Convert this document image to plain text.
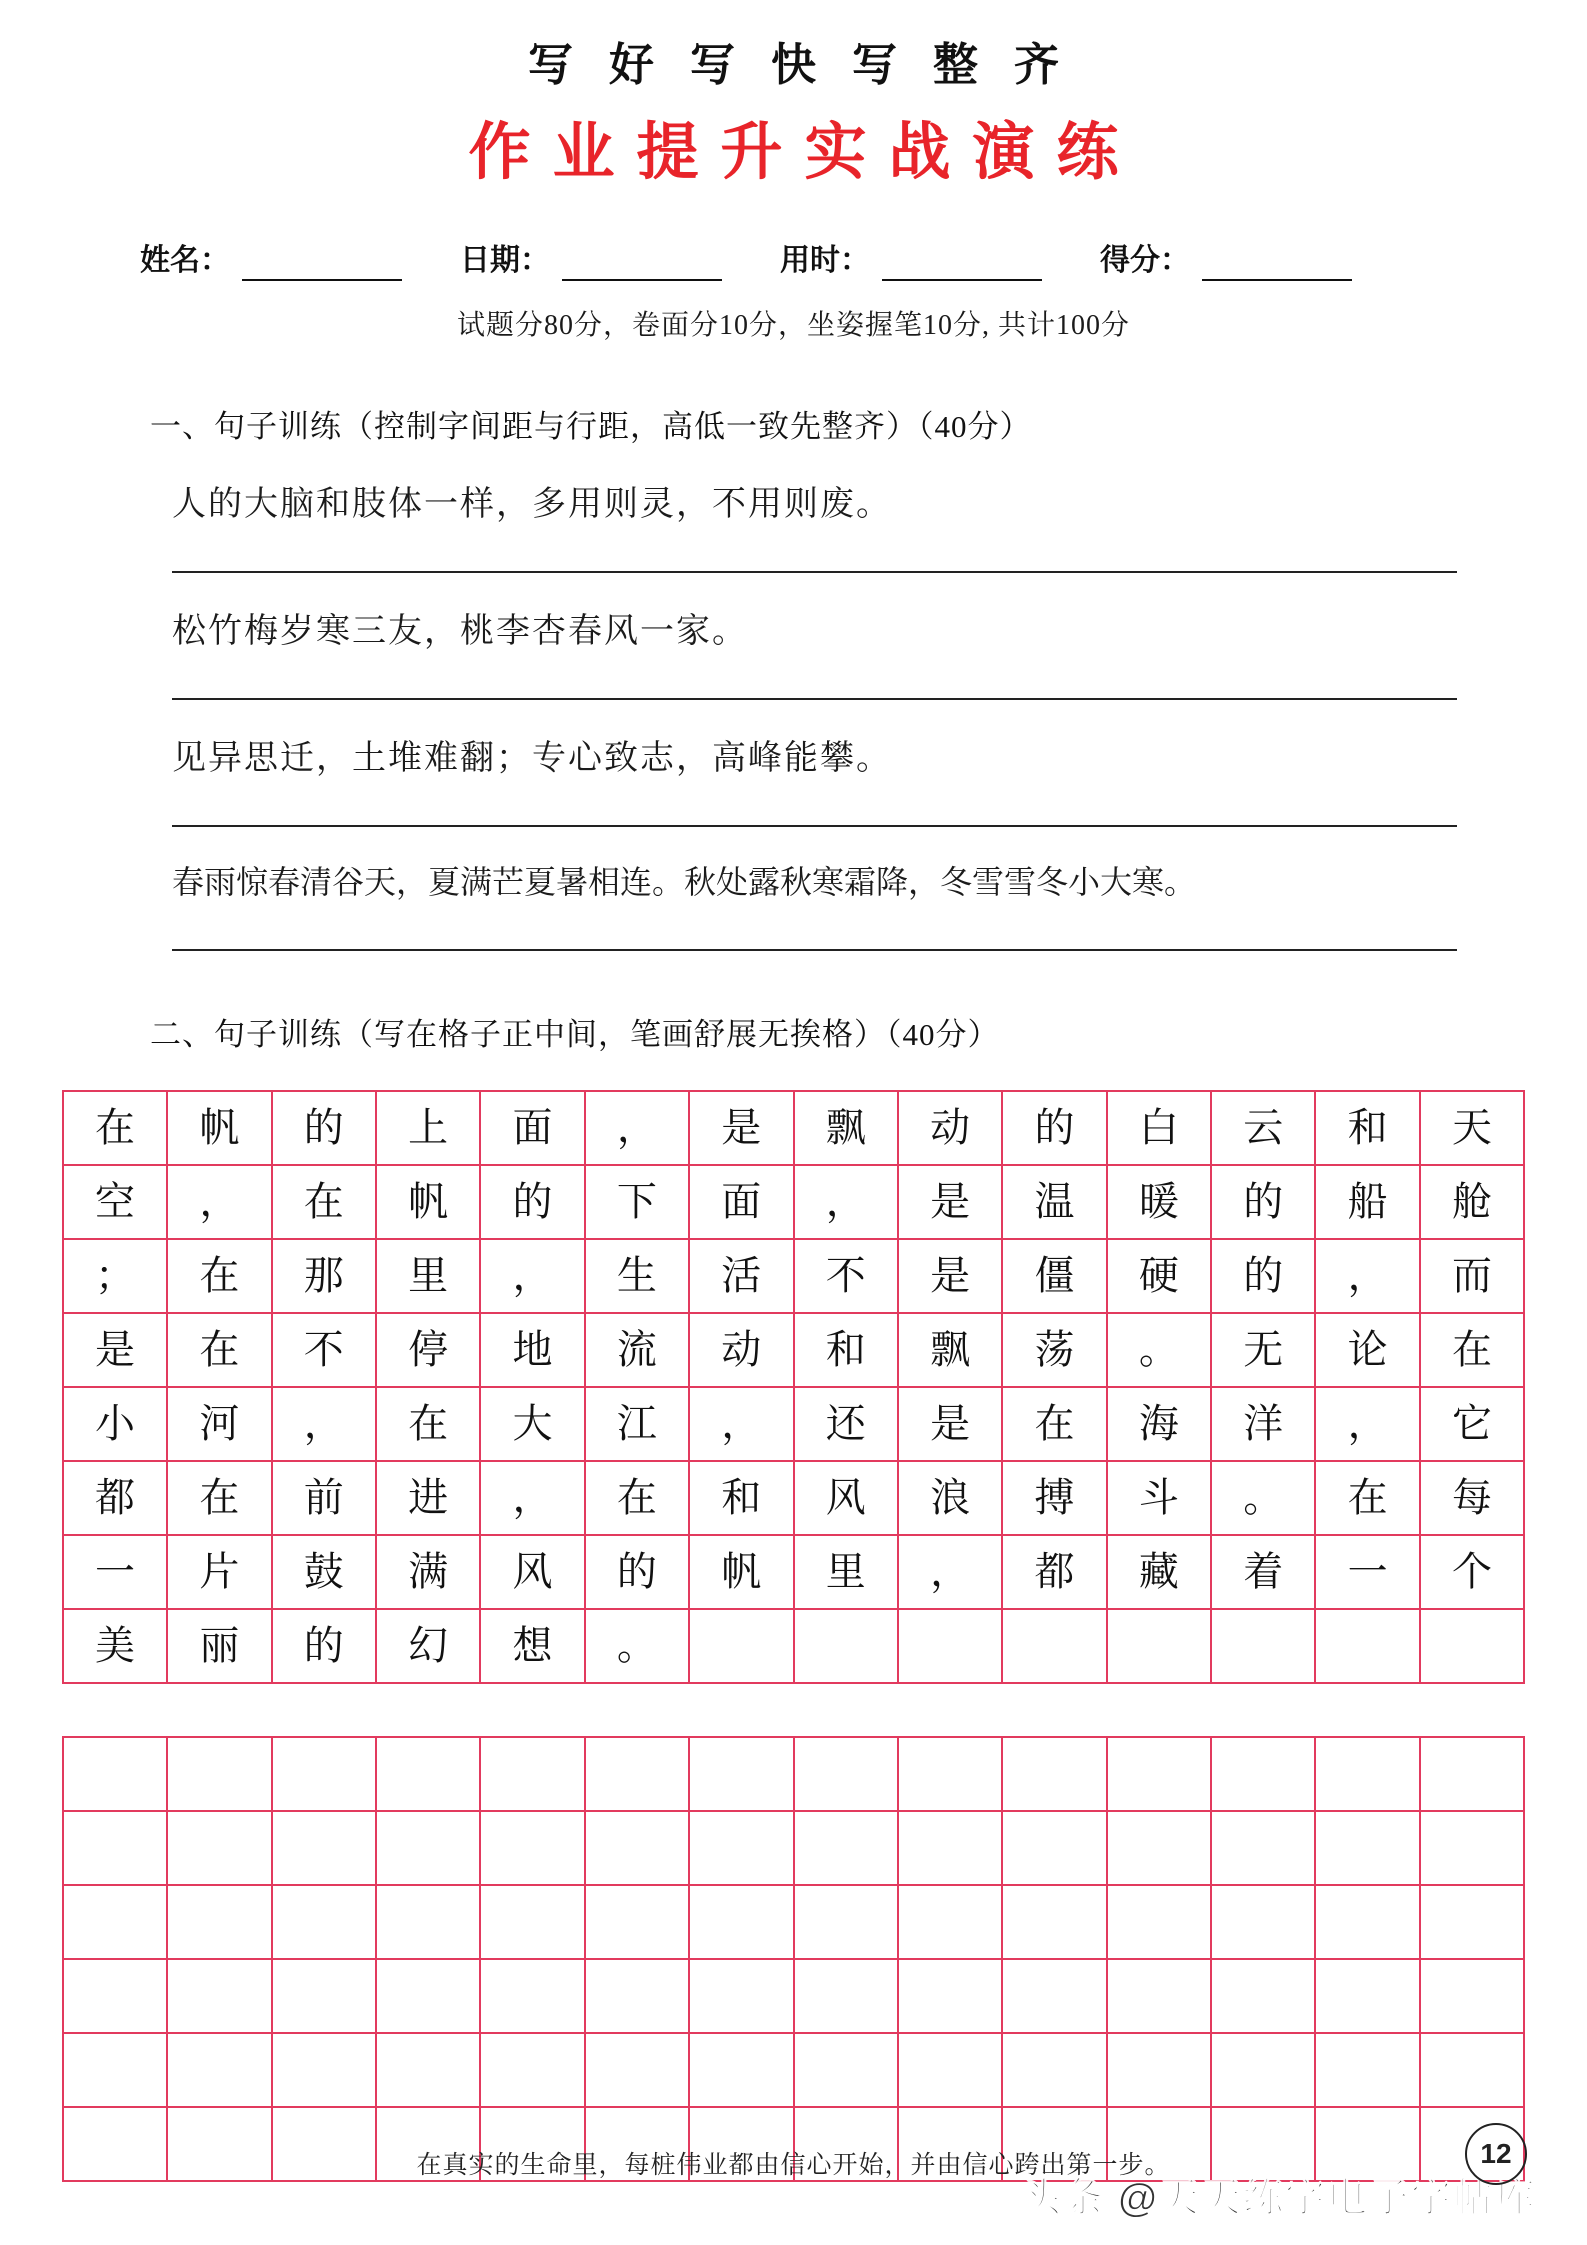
写好写快写整齐
作业提升实战演练
姓名：	日期：	用时：	得分：
试题分80分，卷面分10分，坐姿握笔10分, 共计100分
一、句子训练（控制字间距与行距，高低一致先整齐）（40分）
人的大脑和肢体一样，多用则灵，不用则废。
松竹梅岁寒三友，桃李杏春风一家。
见异思迁，土堆难翻；专心致志，高峰能攀。
春雨惊春清谷天，夏满芒夏暑相连。秋处露秋寒霜降，冬雪雪冬小大寒。
二、句子训练（写在格子正中间，笔画舒展无挨格）（40分）
在	帆	的	上	面	，	是	飘	动	的	白	云	和	天
空	，	在	帆	的	下	面	，	是	温	暖	的	船	舱
；	在	那	里	，	生	活	不	是	僵	硬	的	，	而
是	在	不	停	地	流	动	和	飘	荡	。	无	论	在
小	河	，	在	大	江	，	还	是	在	海	洋	，	它
都	在	前	进	，	在	和	风	浪	搏	斗	。	在	每
一	片	鼓	满	风	的	帆	里	，	都	藏	着	一	个
美	丽	的	幻	想	。								

在真实的生命里，每桩伟业都由信心开始，并由信心跨出第一步。
头条 @天天练字电子字帖库
12
